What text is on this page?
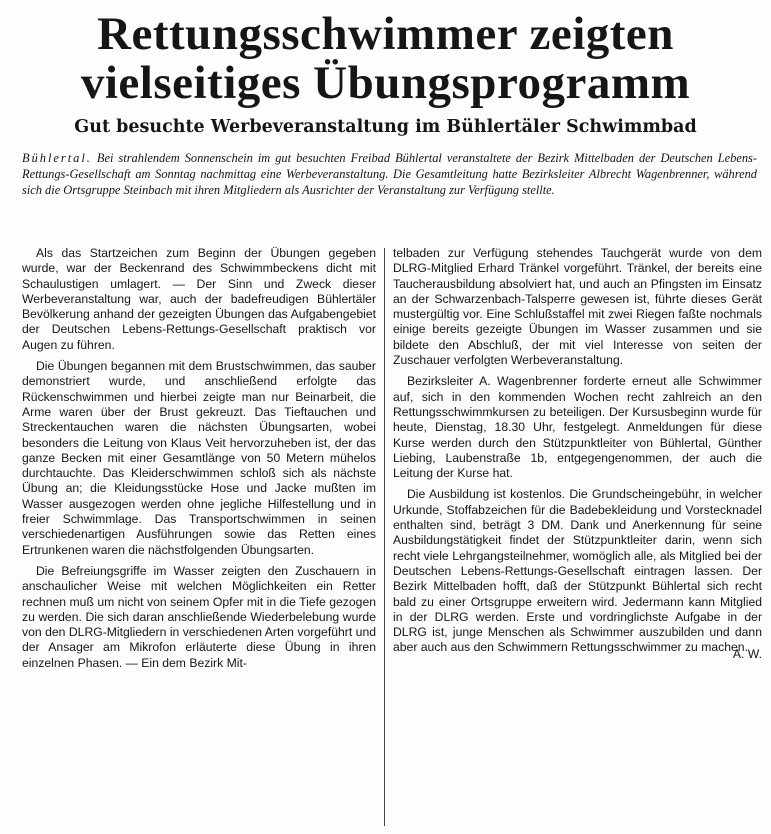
Rettungsschwimmer zeigten
vielseitiges Übungsprogramm
Gut besuchte Werbeveranstaltung im Bühlertäler Schwimmbad

Bühlertal. Bei strahlendem Sonnenschein im gut besuchten Freibad Bühlertal veranstaltete der Bezirk Mittelbaden der Deutschen Lebens-Rettungs-Gesellschaft am Sonntag nachmittag eine Werbeveranstaltung. Die Gesamtleitung hatte Bezirksleiter Albrecht Wagenbrenner, während sich die Ortsgruppe Steinbach mit ihren Mitgliedern als Ausrichter der Veranstaltung zur Verfügung stellte.

Als das Startzeichen zum Beginn der Übungen gegeben wurde, war der Beckenrand des Schwimmbeckens dicht mit Schaulustigen umlagert. — Der Sinn und Zweck dieser Werbeveranstaltung war, auch der badefreudigen Bühlertäler Bevölkerung anhand der gezeigten Übungen das Aufgabengebiet der Deutschen Lebens-Rettungs-Gesellschaft praktisch vor Augen zu führen.

Die Übungen begannen mit dem Brustschwimmen, das sauber demonstriert wurde, und anschließend erfolgte das Rückenschwimmen und hierbei zeigte man nur Beinarbeit, die Arme waren über der Brust gekreuzt. Das Tieftauchen und Streckentauchen waren die nächsten Übungsarten, wobei besonders die Leitung von Klaus Veit hervorzuheben ist, der das ganze Becken mit einer Gesamtlänge von 50 Metern mühelos durchtauchte. Das Kleiderschwimmen schloß sich als nächste Übung an; die Kleidungsstücke Hose und Jacke mußten im Wasser ausgezogen werden ohne jegliche Hilfestellung und in freier Schwimmlage. Das Transportschwimmen in seinen verschiedenartigen Ausführungen sowie das Retten eines Ertrunkenen waren die nächstfolgenden Übungsarten.

Die Befreiungsgriffe im Wasser zeigten den Zuschauern in anschaulicher Weise mit welchen Möglichkeiten ein Retter rechnen muß um nicht von seinem Opfer mit in die Tiefe gezogen zu werden. Die sich daran anschließende Wiederbelebung wurde von den DLRG-Mitgliedern in verschiedenen Arten vorgeführt und der Ansager am Mikrofon erläuterte diese Übung in ihren einzelnen Phasen. — Ein dem Bezirk Mit-

telbaden zur Verfügung stehendes Tauchgerät wurde von dem DLRG-Mitglied Erhard Tränkel vorgeführt. Tränkel, der bereits eine Taucherausbildung absolviert hat, und auch an Pfingsten im Einsatz an der Schwarzenbach-Talsperre gewesen ist, führte dieses Gerät mustergültig vor. Eine Schlußstaffel mit zwei Riegen faßte nochmals einige bereits gezeigte Übungen im Wasser zusammen und sie bildete den Abschluß, der mit viel Interesse von seiten der Zuschauer verfolgten Werbeveranstaltung.

Bezirksleiter A. Wagenbrenner forderte erneut alle Schwimmer auf, sich in den kommenden Wochen recht zahlreich an den Rettungsschwimmkursen zu beteiligen. Der Kursusbeginn wurde für heute, Dienstag, 18.30 Uhr, festgelegt. Anmeldungen für diese Kurse werden durch den Stützpunktleiter von Bühlertal, Günther Liebing, Laubenstraße 1b, entgegengenommen, der auch die Leitung der Kurse hat.

Die Ausbildung ist kostenlos. Die Grundscheingebühr, in welcher Urkunde, Stoffabzeichen für die Badebekleidung und Vorstecknadel enthalten sind, beträgt 3 DM. Dank und Anerkennung für seine Ausbildungstätigkeit findet der Stützpunktleiter darin, wenn sich recht viele Lehrgangsteilnehmer, womöglich alle, als Mitglied bei der Deutschen Lebens-Rettungs-Gesellschaft eintragen lassen. Der Bezirk Mittelbaden hofft, daß der Stützpunkt Bühlertal sich recht bald zu einer Ortsgruppe erweitern wird. Jedermann kann Mitglied in der DLRG werden. Erste und vordringlichste Aufgabe in der DLRG ist, junge Menschen als Schwimmer auszubilden und dann aber auch aus den Schwimmern Rettungsschwimmer zu machen.

A. W.
